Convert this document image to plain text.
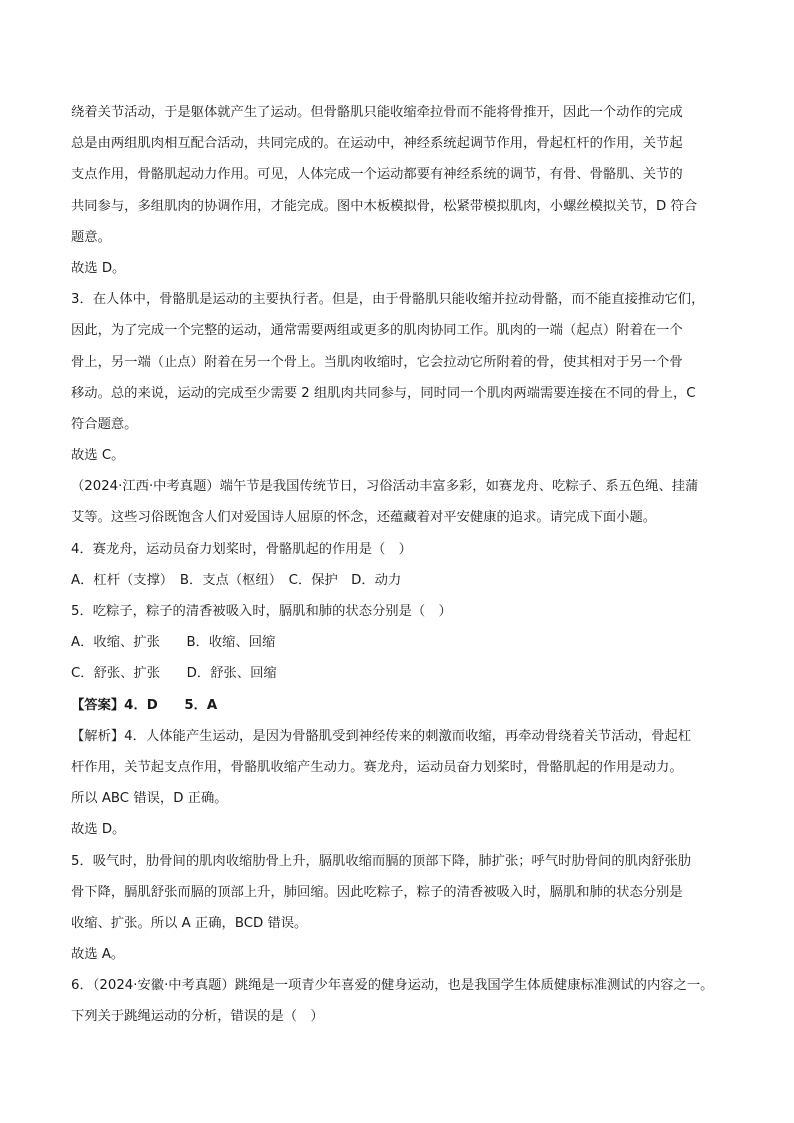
绕着关节活动，于是躯体就产生了运动。但骨骼肌只能收缩牵拉骨而不能将骨推开，因此一个动作的完成
总是由两组肌肉相互配合活动，共同完成的。在运动中，神经系统起调节作用，骨起杠杆的作用，关节起
支点作用，骨骼肌起动力作用。可见，人体完成一个运动都要有神经系统的调节，有骨、骨骼肌、关节的
共同参与，多组肌肉的协调作用，才能完成。图中木板模拟骨，松紧带模拟肌肉，小螺丝模拟关节，D 符合
题意。
故选 D。
3．在人体中，骨骼肌是运动的主要执行者。但是，由于骨骼肌只能收缩并拉动骨骼，而不能直接推动它们，
因此，为了完成一个完整的运动，通常需要两组或更多的肌肉协同工作。肌肉的一端（起点）附着在一个
骨上，另一端（止点）附着在另一个骨上。当肌肉收缩时，它会拉动它所附着的骨，使其相对于另一个骨
移动。总的来说，运动的完成至少需要 2 组肌肉共同参与，同时同一个肌肉两端需要连接在不同的骨上，C
符合题意。
故选 C。
（2024·江西·中考真题）端午节是我国传统节日，习俗活动丰富多彩，如赛龙舟、吃粽子、系五色绳、挂蒲
艾等。这些习俗既饱含人们对爱国诗人屈原的怀念，还蕴藏着对平安健康的追求。请完成下面小题。
4．赛龙舟，运动员奋力划桨时，骨骼肌起的作用是（　）
A．杠杆（支撑）　B．支点（枢纽）　C．保护　D．动力
5．吃粽子，粽子的清香被吸入时，膈肌和肺的状态分别是（　）
A．收缩、扩张　　B．收缩、回缩
C．舒张、扩张　　D．舒张、回缩
【答案】4．D　　5．A
【解析】4．人体能产生运动，是因为骨骼肌受到神经传来的刺激而收缩，再牵动骨绕着关节活动，骨起杠
杆作用，关节起支点作用，骨骼肌收缩产生动力。赛龙舟，运动员奋力划桨时，骨骼肌起的作用是动力。
所以 ABC 错误，D 正确。
故选 D。
5．吸气时，肋骨间的肌肉收缩肋骨上升，膈肌收缩而膈的顶部下降，肺扩张；呼气时肋骨间的肌肉舒张肋
骨下降，膈肌舒张而膈的顶部上升，肺回缩。因此吃粽子，粽子的清香被吸入时，膈肌和肺的状态分别是
收缩、扩张。所以 A 正确，BCD 错误。
故选 A。
6．（2024·安徽·中考真题）跳绳是一项青少年喜爱的健身运动，也是我国学生体质健康标准测试的内容之一。
下列关于跳绳运动的分析，错误的是（　）
